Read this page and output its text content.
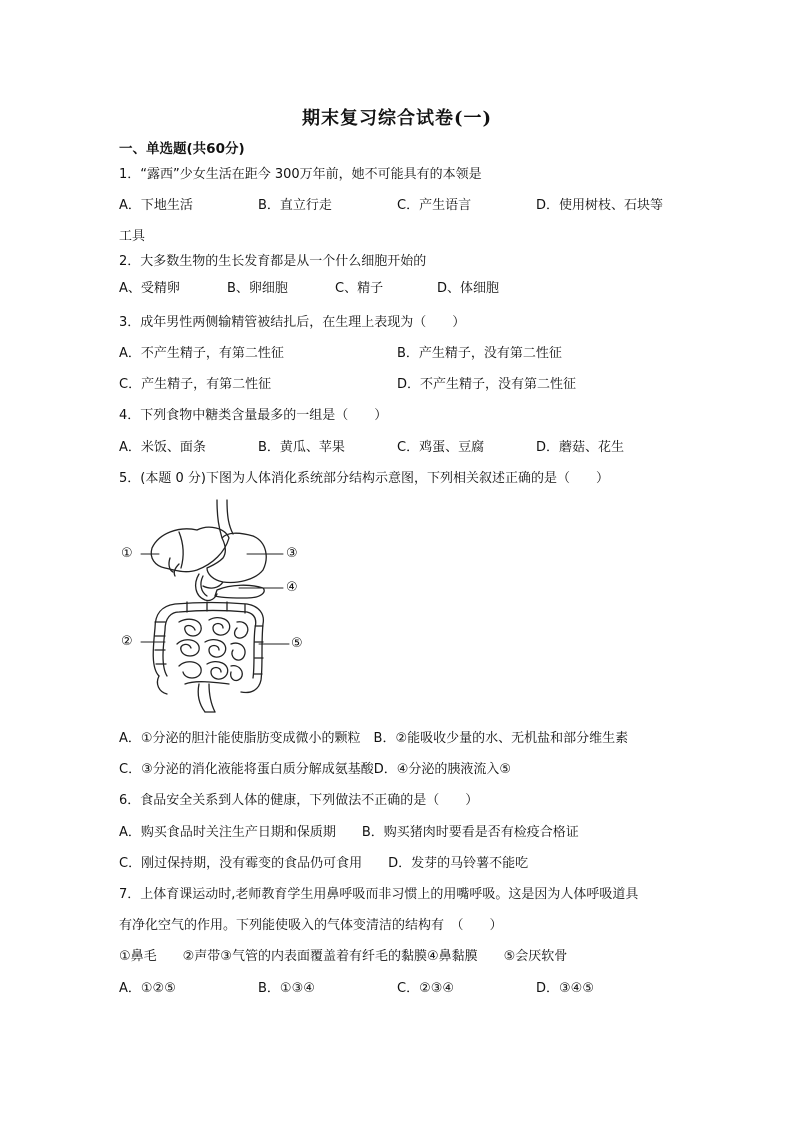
期末复习综合试卷(一)
一、单选题(共60分)
1．“露西”少女生活在距今 300万年前，她不可能具有的本领是
A．下地生活	B．直立行走	C．产生语言	D．使用树枝、石块等
工具
2．大多数生物的生长发育都是从一个什么细胞开始的
A、受精卵	B、卵细胞	C、精子	D、体细胞
3．成年男性两侧输精管被结扎后，在生理上表现为（　　）
A．不产生精子，有第二性征	B．产生精子，没有第二性征
C．产生精子，有第二性征	D．不产生精子，没有第二性征
4．下列食物中糖类含量最多的一组是（　　）
A．米饭、面条	B．黄瓜、苹果	C．鸡蛋、豆腐	D．蘑菇、花生
5．(本题 0 分)下图为人体消化系统部分结构示意图，下列相关叙述正确的是（　　）
①
②
③
④
⑤
A．①分泌的胆汁能使脂肪变成微小的颗粒　B．②能吸收少量的水、无机盐和部分维生素
C．③分泌的消化液能将蛋白质分解成氨基酸D．④分泌的胰液流入⑤
6．食品安全关系到人体的健康，下列做法不正确的是（　　）
A．购买食品时关注生产日期和保质期　　B．购买猪肉时要看是否有检疫合格证
C．刚过保持期，没有霉变的食品仍可食用　　D．发芽的马铃薯不能吃
7．上体育课运动时,老师教育学生用鼻呼吸而非习惯上的用嘴呼吸。这是因为人体呼吸道具
有净化空气的作用。下列能使吸入的气体变清洁的结构有　（　　）
①鼻毛　　②声带③气管的内表面覆盖着有纤毛的黏膜④鼻黏膜　　⑤会厌软骨
A．①②⑤	B．①③④	C．②③④	D．③④⑤
